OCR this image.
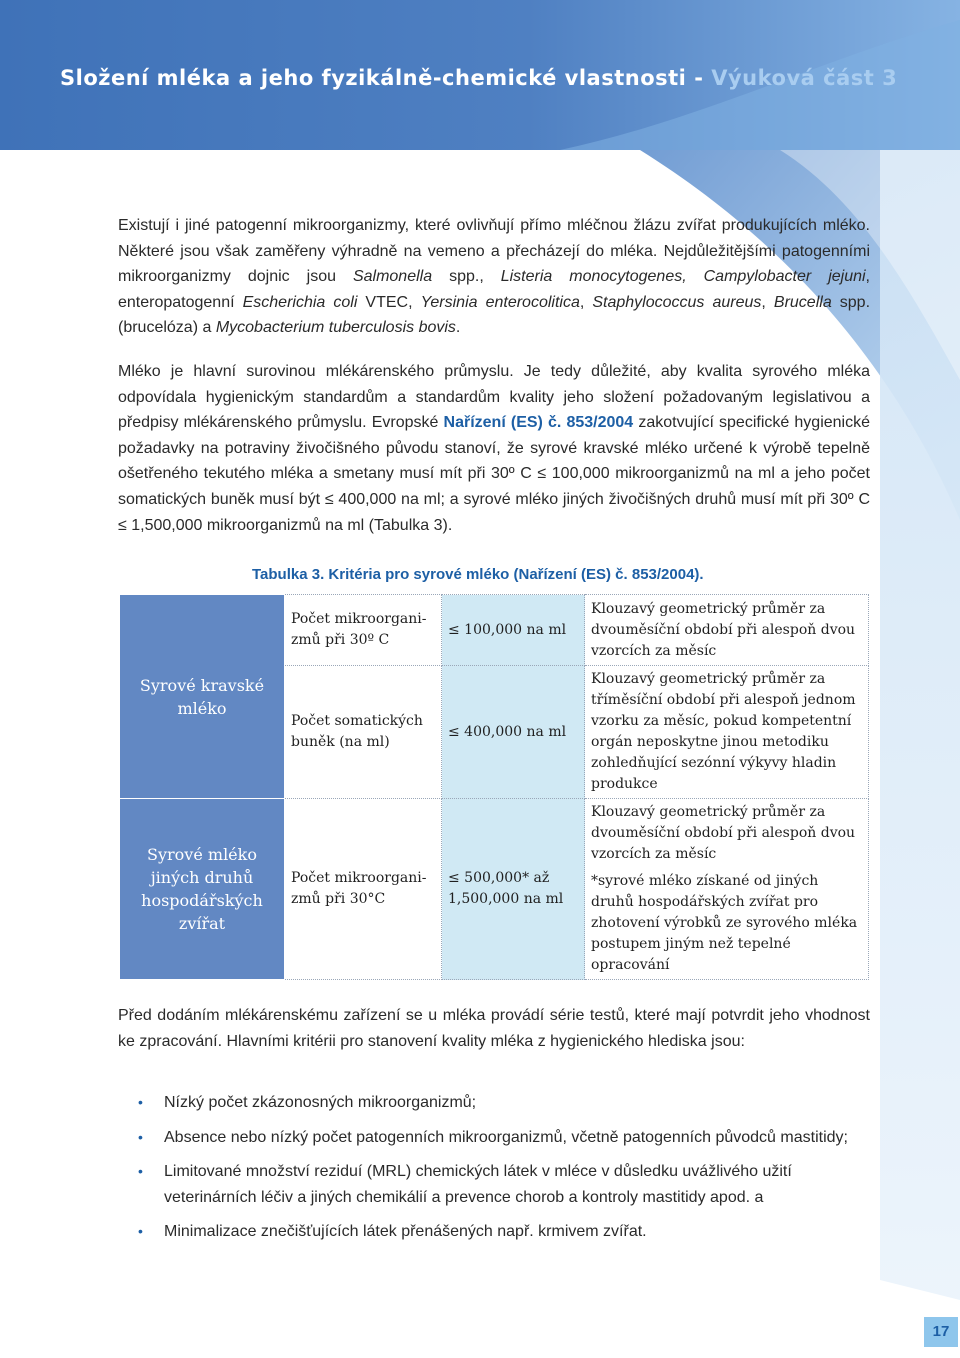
Složení mléka a jeho fyzikálně-chemické vlastnosti - Výuková část 3

Existují i jiné patogenní mikroorganizmy, které ovlivňují přímo mléčnou žlázu zvířat produkujících mléko. Některé jsou však zaměřeny výhradně na vemeno a přecházejí do mléka. Nejdůležitějšími patogenními mikroorganizmy dojnic jsou Salmonella spp., Listeria monocytogenes, Campylobacter jejuni, enteropatogenní Escherichia coli VTEC, Yersinia enterocolitica, Staphylococcus aureus, Brucella spp. (brucelóza) a Mycobacterium tuberculosis bovis.

Mléko je hlavní surovinou mlékárenského průmyslu. Je tedy důležité, aby kvalita syrového mléka odpovídala hygienickým standardům a standardům kvality jeho složení požadovaným legislativou a předpisy mlékárenského průmyslu. Evropské Nařízení (ES) č. 853/2004 zakotvující specifické hygienické požadavky na potraviny živočišného původu stanoví, že syrové kravské mléko určené k výrobě tepelně ošetřeného tekutého mléka a smetany musí mít při 30º C ≤ 100,000 mikroorganizmů na ml a jeho počet somatických buněk musí být ≤ 400,000 na ml; a syrové mléko jiných živočišných druhů musí mít při 30º C ≤ 1,500,000 mikroorganizmů na ml (Tabulka 3).

Tabulka 3. Kritéria pro syrové mléko (Nařízení (ES) č. 853/2004).
Syrové kravské mléko	Počet mikroorgani-zmů při 30º C	≤ 100,000 na ml	Klouzavý geometrický průměr za dvouměsíční období při alespoň dvou vzorcích za měsíc
	Počet somatických buněk (na ml)	≤ 400,000 na ml	Klouzavý geometrický průměr za tříměsíční období při alespoň jednom vzorku za měsíc, pokud kompetentní orgán neposkytne jinou metodiku zohledňující sezónní výkyvy hladin produkce
Syrové mléko jiných druhů hospodářských zvířat	Počet mikroorgani-zmů při 30°C	≤ 500,000* až 1,500,000 na ml	Klouzavý geometrický průměr za dvouměsíční období při alespoň dvou vzorcích za měsíc
*syrové mléko získané od jiných druhů hospodářských zvířat pro zhotovení výrobků ze syrového mléka postupem jiným než tepelné opracování

Před dodáním mlékárenskému zařízení se u mléka provádí série testů, které mají potvrdit jeho vhodnost ke zpracování. Hlavními kritérii pro stanovení kvality mléka z hygienického hlediska jsou:

• Nízký počet zkázonosných mikroorganizmů;
• Absence nebo nízký počet patogenních mikroorganizmů, včetně patogenních původců mastitidy;
• Limitované množství reziduí (MRL) chemických látek v mléce v důsledku uvážlivého užití veterinárních léčiv a jiných chemikálií a prevence chorob a kontroly mastitidy apod. a
• Minimalizace znečišťujících látek přenášených např. krmivem zvířat.
17
